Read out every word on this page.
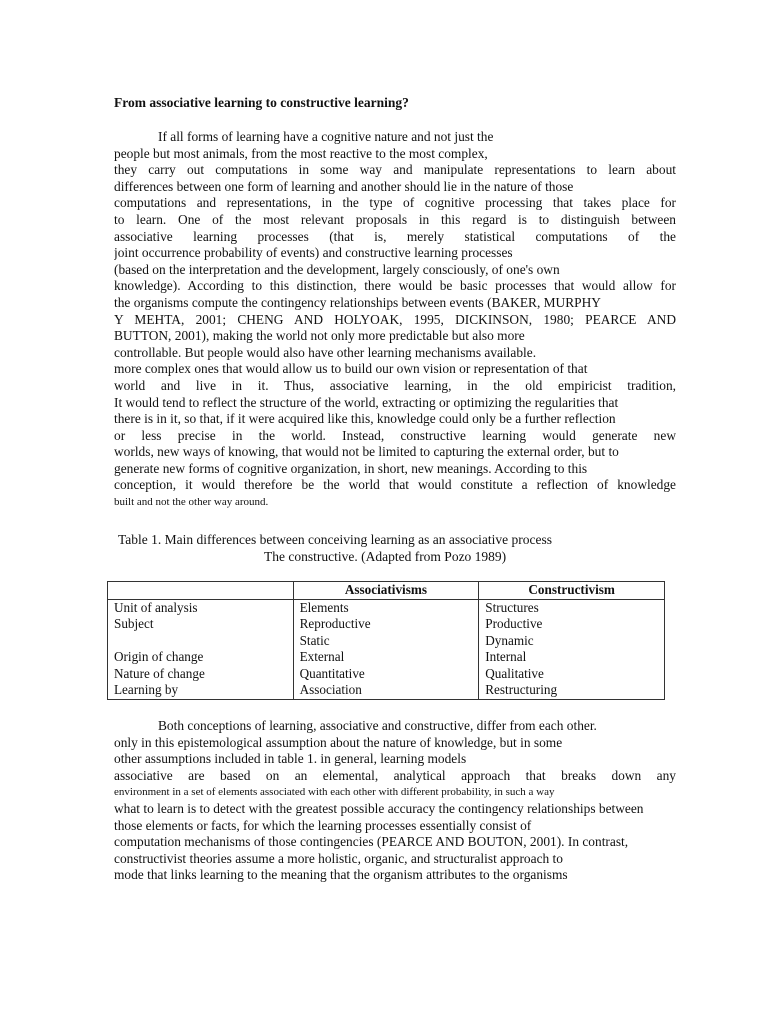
From associative learning to constructive learning?
If all forms of learning have a cognitive nature and not just the
people but most animals, from the most reactive to the most complex,
they carry out computations in some way and manipulate representations to learn about
differences between one form of learning and another should lie in the nature of those
computations and representations, in the type of cognitive processing that takes place for
to learn. One of the most relevant proposals in this regard is to distinguish between
associative learning processes (that is, merely statistical computations of the
joint occurrence probability of events) and constructive learning processes
(based on the interpretation and the development, largely consciously, of one's own
knowledge). According to this distinction, there would be basic processes that would allow for
the organisms compute the contingency relationships between events (BAKER, MURPHY
Y MEHTA, 2001; CHENG AND HOLYOAK, 1995, DICKINSON, 1980; PEARCE AND
BUTTON, 2001), making the world not only more predictable but also more
controllable. But people would also have other learning mechanisms available.
more complex ones that would allow us to build our own vision or representation of that
world and live in it. Thus, associative learning, in the old empiricist tradition,
It would tend to reflect the structure of the world, extracting or optimizing the regularities that
there is in it, so that, if it were acquired like this, knowledge could only be a further reflection
or less precise in the world. Instead, constructive learning would generate new
worlds, new ways of knowing, that would not be limited to capturing the external order, but to
generate new forms of cognitive organization, in short, new meanings. According to this
conception, it would therefore be the world that would constitute a reflection of knowledge
built and not the other way around.
Table 1. Main differences between conceiving learning as an associative process
The constructive. (Adapted from Pozo 1989)
	Associativisms	Constructivism
Unit of analysis	Elements	Structures
Subject	Reproductive	Productive
	Static	Dynamic
Origin of change	External	Internal
Nature of change	Quantitative	Qualitative
Learning by	Association	Restructuring
Both conceptions of learning, associative and constructive, differ from each other.
only in this epistemological assumption about the nature of knowledge, but in some
other assumptions included in table 1. in general, learning models
associative are based on an elemental, analytical approach that breaks down any
environment in a set of elements associated with each other with different probability, in such a way
what to learn is to detect with the greatest possible accuracy the contingency relationships between
those elements or facts, for which the learning processes essentially consist of
computation mechanisms of those contingencies (PEARCE AND BOUTON, 2001). In contrast,
constructivist theories assume a more holistic, organic, and structuralist approach to
mode that links learning to the meaning that the organism attributes to the organisms
